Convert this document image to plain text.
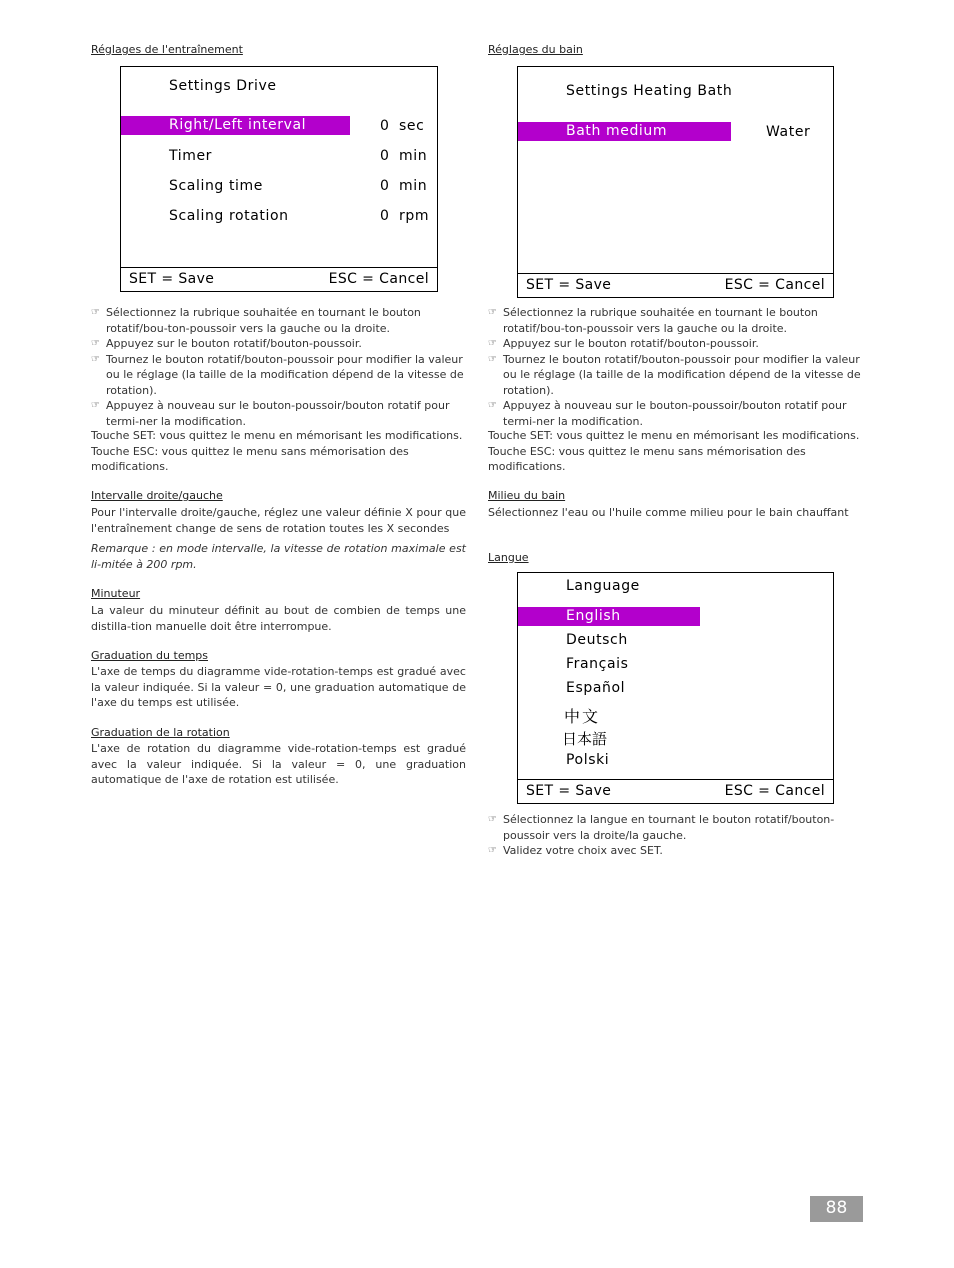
Réglages de l'entraînement
Settings Drive
Right/Left interval	0 sec
Timer	0 min
Scaling time	0 min
Scaling rotation	0 rpm
SET = Save	ESC = Cancel
☞ Sélectionnez la rubrique souhaitée en tournant le bouton rotatif/bou-ton-poussoir vers la gauche ou la droite.
☞ Appuyez sur le bouton rotatif/bouton-poussoir.
☞ Tournez le bouton rotatif/bouton-poussoir pour modifier la valeur ou le réglage (la taille de la modification dépend de la vitesse de rotation).
☞ Appuyez à nouveau sur le bouton-poussoir/bouton rotatif pour termi-ner la modification.
Touche SET: vous quittez le menu en mémorisant les modifications.
Touche ESC: vous quittez le menu sans mémorisation des modifications.
Intervalle droite/gauche
Pour l'intervalle droite/gauche, réglez une valeur définie X pour que l'entraînement change de sens de rotation toutes les X secondes
Remarque : en mode intervalle, la vitesse de rotation maximale est li-mitée à 200 rpm.
Minuteur
La valeur du minuteur définit au bout de combien de temps une distilla-tion manuelle doit être interrompue.
Graduation du temps
L'axe de temps du diagramme vide-rotation-temps est gradué avec la valeur indiquée. Si la valeur = 0, une graduation automatique de l'axe du temps est utilisée.
Graduation de la rotation
L'axe de rotation du diagramme vide-rotation-temps est gradué avec la valeur indiquée. Si la valeur = 0, une graduation automatique de l'axe de rotation est utilisée.
Réglages du bain
Settings Heating Bath
Bath medium	Water
SET = Save	ESC = Cancel
☞ Sélectionnez la rubrique souhaitée en tournant le bouton rotatif/bou-ton-poussoir vers la gauche ou la droite.
☞ Appuyez sur le bouton rotatif/bouton-poussoir.
☞ Tournez le bouton rotatif/bouton-poussoir pour modifier la valeur ou le réglage (la taille de la modification dépend de la vitesse de rotation).
☞ Appuyez à nouveau sur le bouton-poussoir/bouton rotatif pour termi-ner la modification.
Touche SET: vous quittez le menu en mémorisant les modifications.
Touche ESC: vous quittez le menu sans mémorisation des modifications.
Milieu du bain
Sélectionnez l'eau ou l'huile comme milieu pour le bain chauffant
Langue
Language
English
Deutsch
Français
Español
中文
日本語
Polski
SET = Save	ESC = Cancel
☞ Sélectionnez la langue en tournant le bouton rotatif/bouton-poussoir vers la droite/la gauche.
☞ Validez votre choix avec SET.
88
